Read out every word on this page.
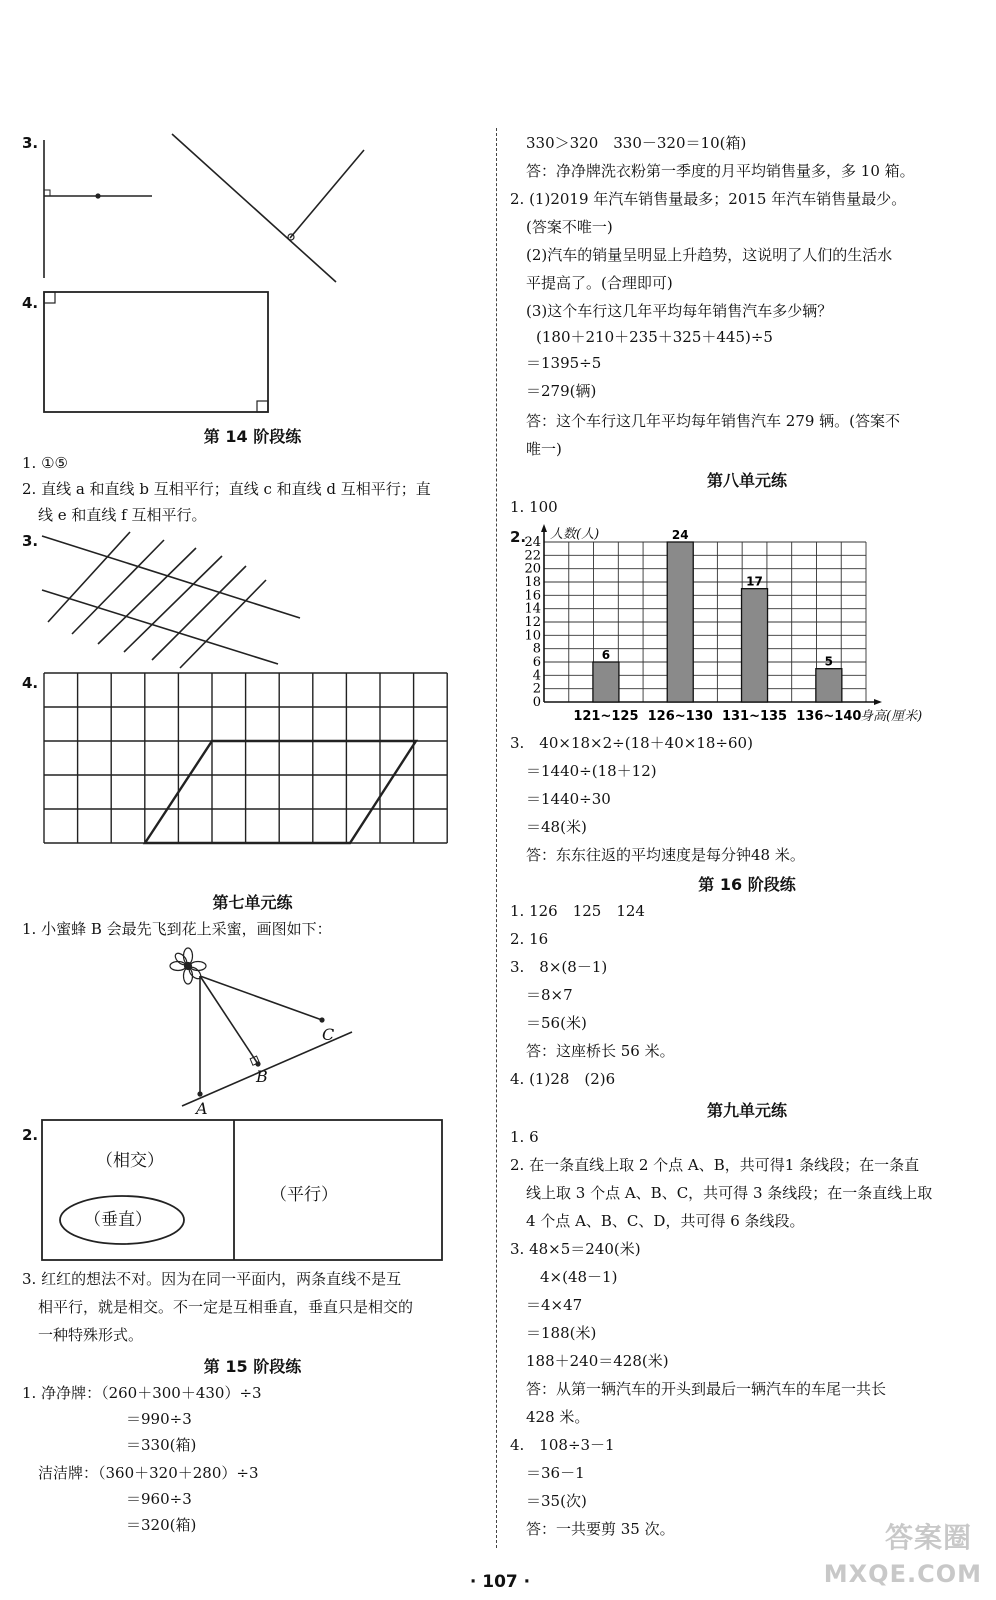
3.
4.
第 14 阶段练
1. ①⑤
2. 直线 a 和直线 b 互相平行；直线 c 和直线 d 互相平行；直
线 e 和直线 f 互相平行。
3.
4.
第七单元练
1. 小蜜蜂 B 会最先飞到花上采蜜，画图如下：
A
B
C
2.
（相交）
（垂直）
（平行）
3. 红红的想法不对。因为在同一平面内，两条直线不是互
相平行，就是相交。不一定是互相垂直，垂直只是相交的
一种特殊形式。
第 15 阶段练
1. 净净牌：（260＋300＋430）÷3
＝990÷3
＝330(箱)
洁洁牌：（360＋320＋280）÷3
＝960÷3
＝320(箱)
330＞320　330－320＝10(箱)
答：净净牌洗衣粉第一季度的月平均销售量多，多 10 箱。
2. (1)2019 年汽车销售量最多；2015 年汽车销售量最少。
(答案不唯一)
(2)汽车的销量呈明显上升趋势，这说明了人们的生活水
平提高了。(合理即可)
(3)这个车行这几年平均每年销售汽车多少辆？
(180＋210＋235＋325＋445)÷5
＝1395÷5
＝279(辆)
答：这个车行这几年平均每年销售汽车 279 辆。(答案不
唯一)
第八单元练
1. 100
2.
0
2
4
6
8
10
12
14
16
18
20
22
24
6
121~125
24
126~130
17
131~135
5
136~140
人数(人)
身高(厘米)
3.　40×18×2÷(18＋40×18÷60)
＝1440÷(18＋12)
＝1440÷30
＝48(米)
答：东东往返的平均速度是每分钟48 米。
第 16 阶段练
1. 126　125　124
2. 16
3.　8×(8－1)
＝8×7
＝56(米)
答：这座桥长 56 米。
4. (1)28　(2)6
第九单元练
1. 6
2. 在一条直线上取 2 个点 A、B，共可得1 条线段；在一条直
线上取 3 个点 A、B、C，共可得 3 条线段；在一条直线上取
4 个点 A、B、C、D，共可得 6 条线段。
3. 48×5＝240(米)
4×(48－1)
＝4×47
＝188(米)
188＋240＝428(米)
答：从第一辆汽车的开头到最后一辆汽车的车尾一共长
428 米。
4.　108÷3－1
＝36－1
＝35(次)
答：一共要剪 35 次。
· 107 ·
答案圈
MXQE.COM
